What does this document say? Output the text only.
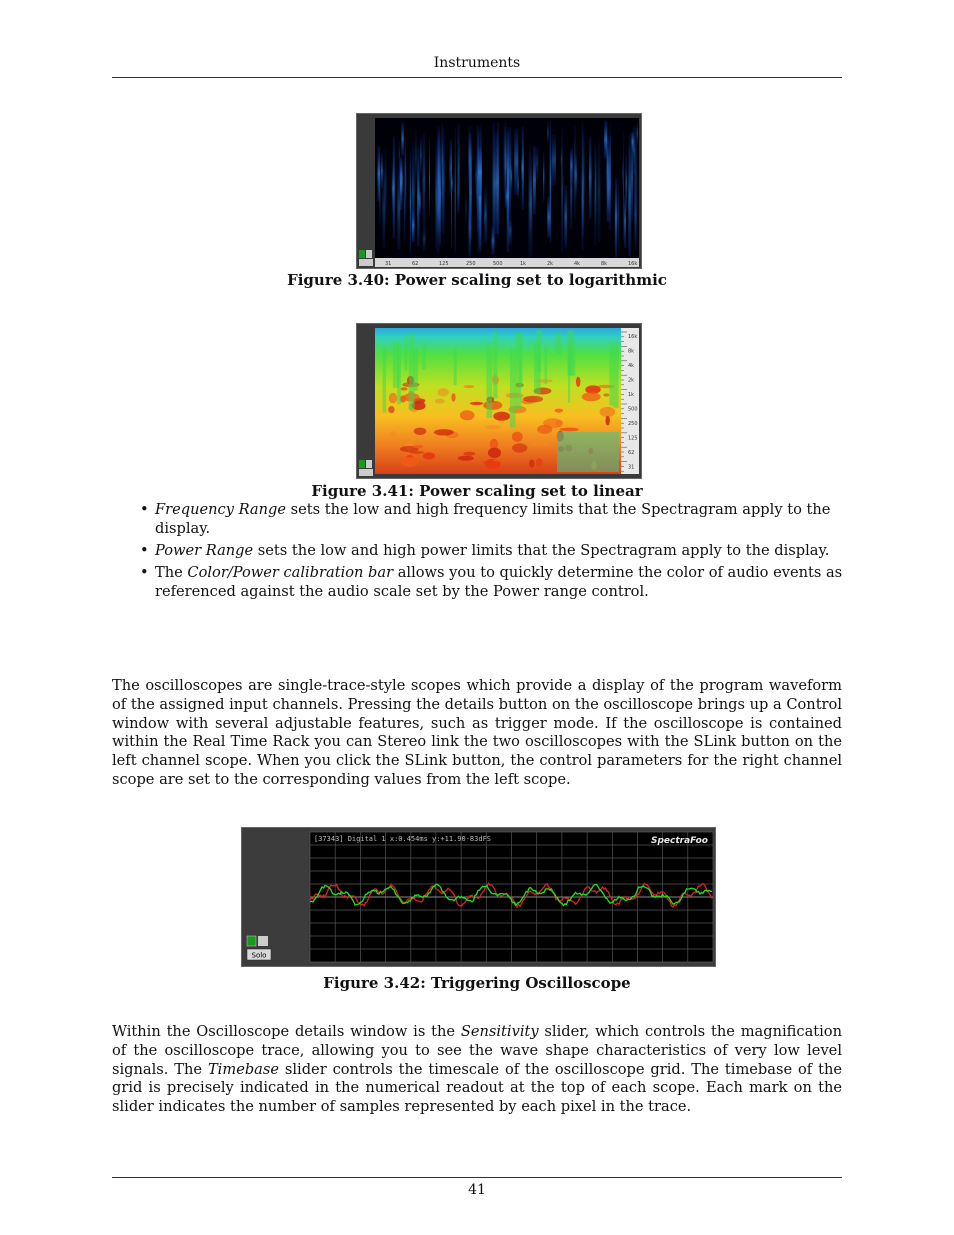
Instruments
31	62	125	250	500	1k	2k	4k	8k	16k
Figure 3.40: Power scaling set to logarithmic
16k
8k
4k
2k
1k
500
250
125
62
31
Figure 3.41: Power scaling set to linear
• Frequency Range sets the low and high frequency limits that the Spectragram apply to the display.
• Power Range sets the low and high power limits that the Spectragram apply to the display.
• The Color/Power calibration bar allows you to quickly determine the color of audio events as referenced against the audio scale set by the Power range control.
The oscilloscopes are single-trace-style scopes which provide a display of the program waveform of the assigned input channels. Pressing the details button on the oscilloscope brings up a Control window with several adjustable features, such as trigger mode. If the oscilloscope is contained within the Real Time Rack you can Stereo link the two oscilloscopes with the SLink button on the left channel scope. When you click the SLink button, the control parameters for the right channel scope are set to the corresponding values from the left scope.
[37343] Digital 1 x:0.454ms y:+11.90-83dFS	SpectraFoo
Solo
Figure 3.42: Triggering Oscilloscope
Within the Oscilloscope details window is the Sensitivity slider, which controls the magnification of the oscilloscope trace, allowing you to see the wave shape characteristics of very low level signals. The Timebase slider controls the timescale of the oscilloscope grid. The timebase of the grid is precisely indicated in the numerical readout at the top of each scope. Each mark on the slider indicates the number of samples represented by each pixel in the trace.
41
